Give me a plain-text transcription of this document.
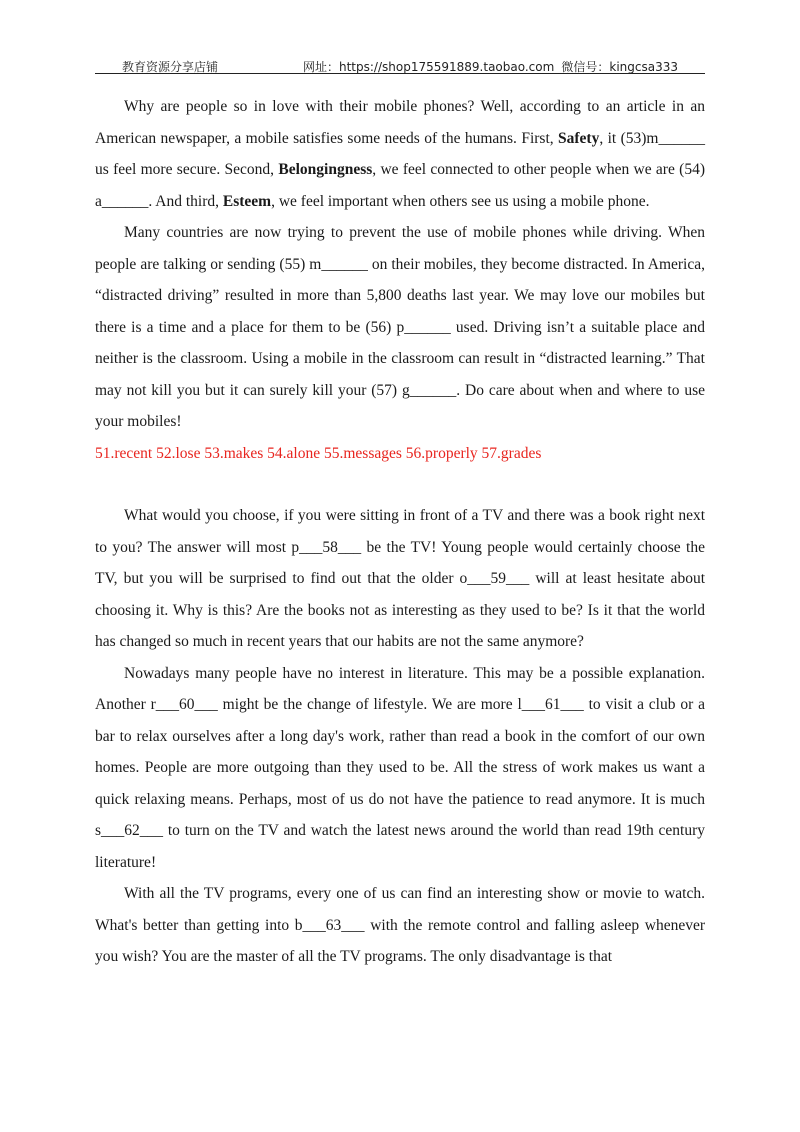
教育资源分享店铺	网址：https://shop175591889.taobao.com 微信号：kingcsa333

Why are people so in love with their mobile phones? Well, according to an article in an American newspaper, a mobile satisfies some needs of the humans. First, Safety, it (53)m______ us feel more secure. Second, Belongingness, we feel connected to other people when we are (54) a______. And third, Esteem, we feel important when others see us using a mobile phone.

Many countries are now trying to prevent the use of mobile phones while driving. When people are talking or sending (55) m______ on their mobiles, they become distracted. In America, “distracted driving” resulted in more than 5,800 deaths last year. We may love our mobiles but there is a time and a place for them to be (56) p______ used. Driving isn’t a suitable place and neither is the classroom. Using a mobile in the classroom can result in “distracted learning.” That may not kill you but it can surely kill your (57) g______. Do care about when and where to use your mobiles!

51.recent 52.lose 53.makes 54.alone 55.messages 56.properly 57.grades

What would you choose, if you were sitting in front of a TV and there was a book right next to you? The answer will most p___58___ be the TV! Young people would certainly choose the TV, but you will be surprised to find out that the older o___59___ will at least hesitate about choosing it. Why is this? Are the books not as interesting as they used to be? Is it that the world has changed so much in recent years that our habits are not the same anymore?

Nowadays many people have no interest in literature. This may be a possible explanation. Another r___60___ might be the change of lifestyle. We are more l___61___ to visit a club or a bar to relax ourselves after a long day's work, rather than read a book in the comfort of our own homes. People are more outgoing than they used to be. All the stress of work makes us want a quick relaxing means. Perhaps, most of us do not have the patience to read anymore. It is much s___62___ to turn on the TV and watch the latest news around the world than read 19th century literature!

With all the TV programs, every one of us can find an interesting show or movie to watch. What's better than getting into b___63___ with the remote control and falling asleep whenever you wish? You are the master of all the TV programs. The only disadvantage is that
